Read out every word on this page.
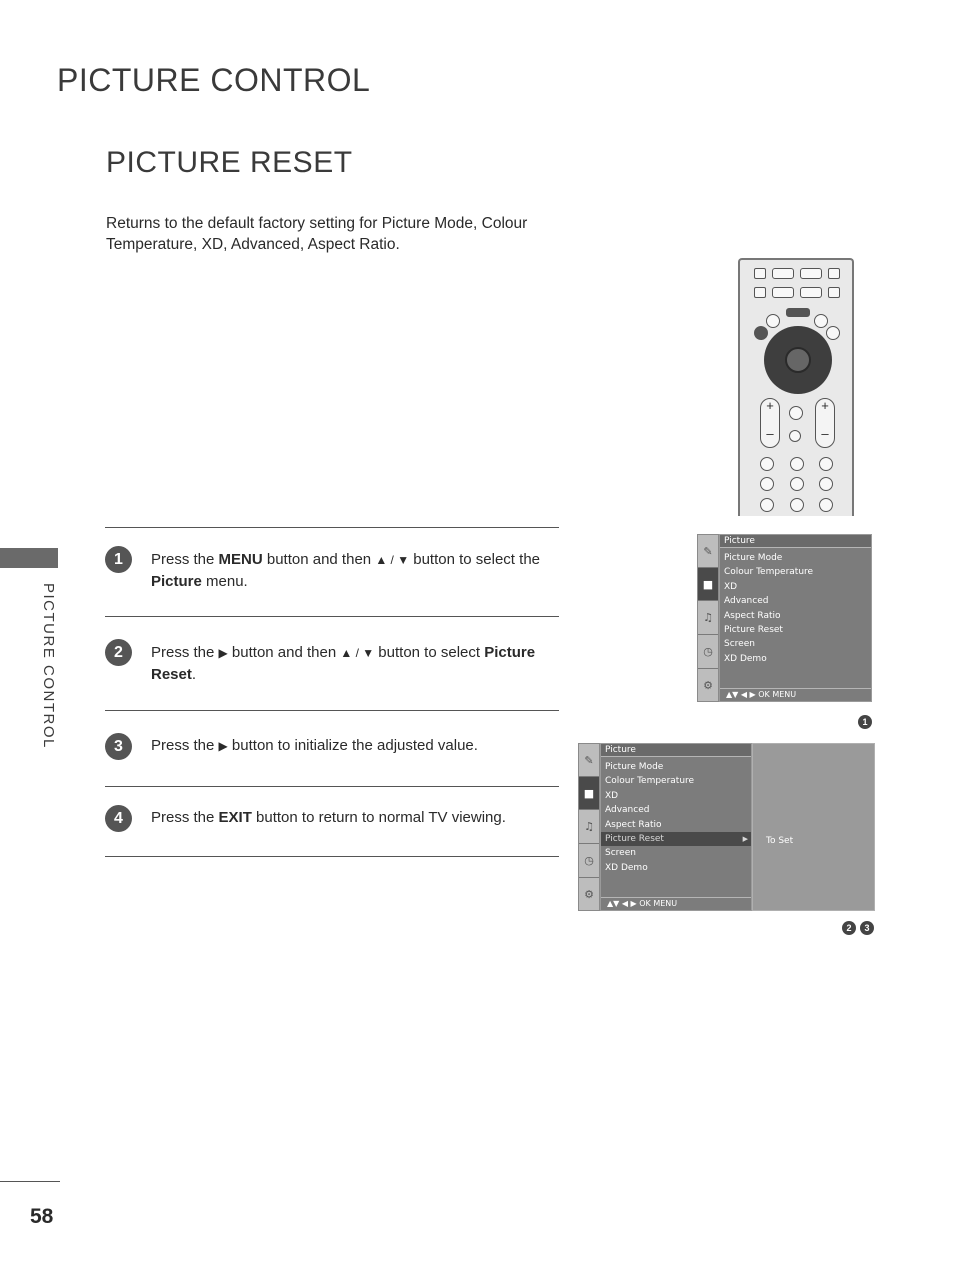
PICTURE CONTROL
PICTURE RESET

Returns to the default factory setting for Picture Mode, Colour Temperature, XD, Advanced, Aspect Ratio.

PICTURE CONTROL
58
1	Press the MENU button and then ▲ / ▼ button to select the Picture menu.
2	Press the ▶ button and then ▲ / ▼ button to select Picture Reset.
3	Press the ▶ button to initialize the adjusted value.
4	Press the EXIT button to return to normal TV viewing.
+

–
+

–
✎
■
♫
◷
⚙
Picture
Picture Mode
Colour Temperature
XD
Advanced
Aspect Ratio
Picture Reset
Screen
XD Demo
▲▼ ◀ ▶ OK MENU
1
✎
■
♫
◷
⚙
Picture
Picture Mode
Colour Temperature
XD
Advanced
Aspect Ratio
Picture Reset	▶
Screen
XD Demo
▲▼ ◀ ▶ OK MENU
To Set
2	3
